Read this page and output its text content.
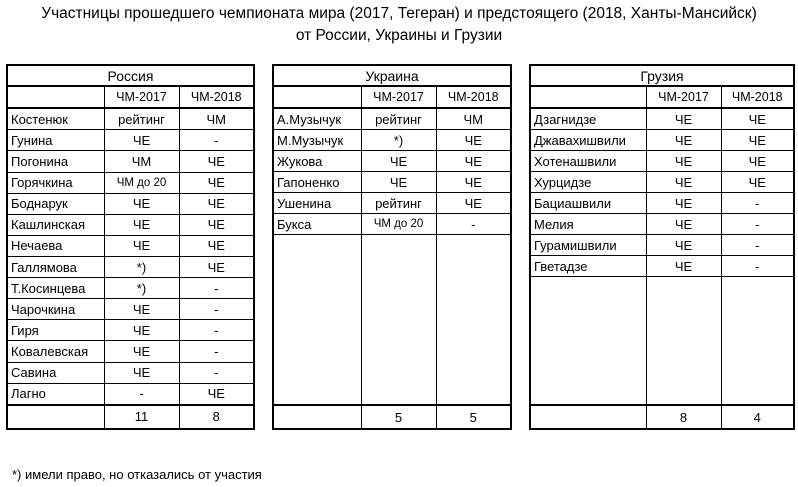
Участницы прошедшего чемпионата мира (2017, Тегеран) и предстоящего (2018, Ханты-Мансийск)
от России, Украины и Грузии
Россия		
	ЧМ-2017	ЧМ-2018
Костенюк	рейтинг	ЧМ
Гунина	ЧЕ	-
Погонина	ЧМ	ЧЕ
Горячкина	ЧМ до 20	ЧЕ
Боднарук	ЧЕ	ЧЕ
Кашлинская	ЧЕ	ЧЕ
Нечаева	ЧЕ	ЧЕ
Галлямова	*)	ЧЕ
Т.Косинцева	*)	-
Чарочкина	ЧЕ	-
Гиря	ЧЕ	-
Ковалевская	ЧЕ	-
Савина	ЧЕ	-
Лагно	-	ЧЕ
	11	8
Украина		
	ЧМ-2017	ЧМ-2018
А.Музычук	рейтинг	ЧМ
М.Музычук	*)	ЧЕ
Жукова	ЧЕ	ЧЕ
Гапоненко	ЧЕ	ЧЕ
Ушенина	рейтинг	ЧЕ
Букса	ЧМ до 20	-

	5	5
Грузия		
	ЧМ-2017	ЧМ-2018
Дзагнидзе	ЧЕ	ЧЕ
Джавахишвили	ЧЕ	ЧЕ
Хотенашвили	ЧЕ	ЧЕ
Хурцидзе	ЧЕ	ЧЕ
Бациашвили	ЧЕ	-
Мелия	ЧЕ	-
Гурамишвили	ЧЕ	-
Гветадзе	ЧЕ	-

	8	4
*) имели право, но отказались от участия
